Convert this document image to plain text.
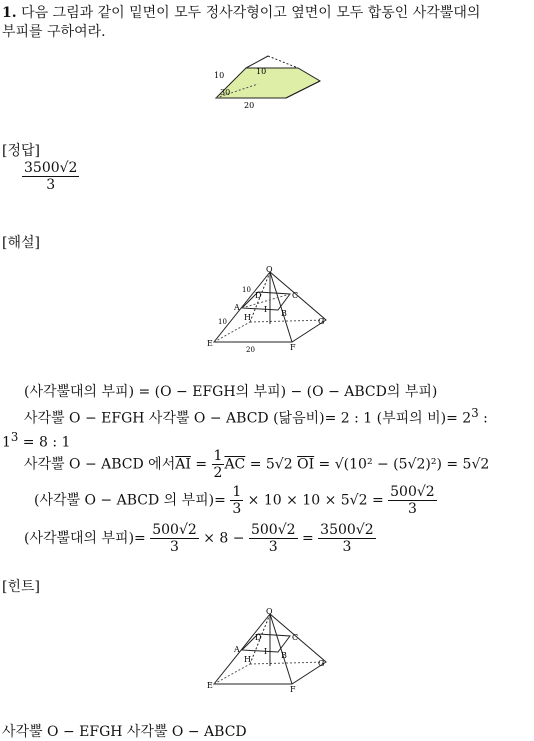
1. 다음 그림과 같이 밑면이 모두 정사각형이고 옆면이 모두 합동인 사각뿔대의
부피를 구하여라.
10	10
30
20
[정답]
$\frac{3500√2}{3}$
[해설]
O
A
D	C
H
I B
E	F
G
10
10
20
(사각뿔대의 부피) = (O − EFGH의 부피) − (O − ABCD의 부피)
사각뿔 O − EFGH 사각뿔 O − ABCD (닮음비)= 2 : 1 (부피의 비)= $2^3$ :
$1^3 = 8$ : 1
사각뿔 O − ABCD 에서$\overline{AI} = \frac{1}{2} \overline{AC} = 5√2$ $\overline{OI} = √(10^2 - (5√2)^2) = 5√2$
(사각뿔 O − ABCD 의 부피)= $\frac{1}{3} \times 10 \times 10 \times 5√2 = \frac{500√2}{3}$
(사각뿔대의 부피)= $\frac{500√2}{3} \times 8 - \frac{500√2}{3} = \frac{3500√2}{3}$
[힌트]
O
A
D	C
H
I B
E	F
G
사각뿔 O − EFGH 사각뿔 O − ABCD
